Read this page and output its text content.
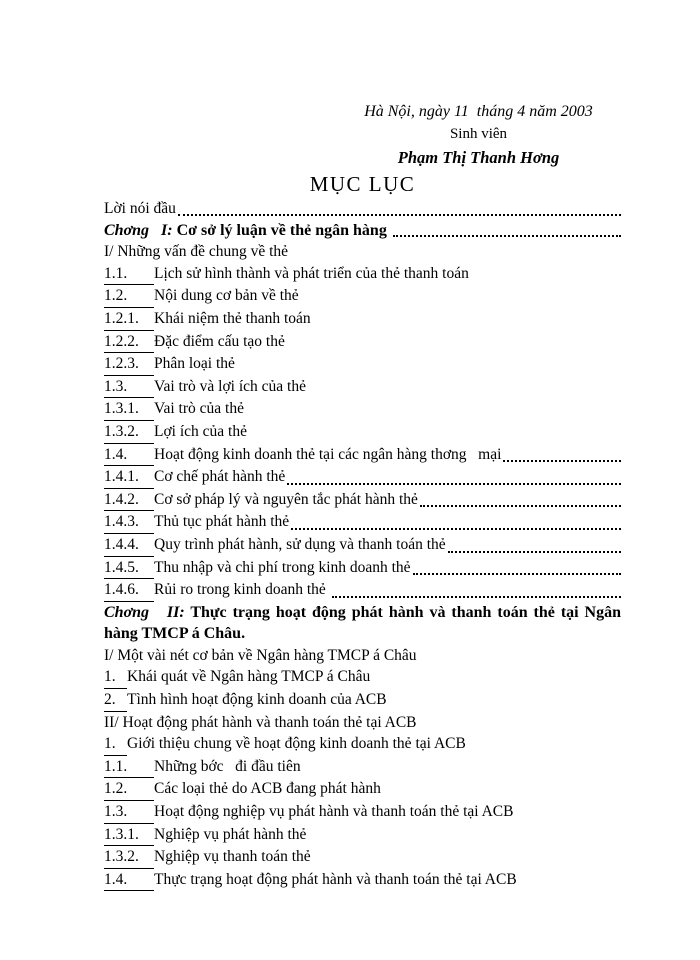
Hà Nội, ngày 11  tháng 4 năm 2003
Sinh viên
Phạm Thị Thanh Hơng
MỤC LỤC
Lời nói đầu
Chơng   I: Cơ sở lý luận về thẻ ngân hàng
I/ Những vấn đề chung về thẻ
1.1. Lịch sử hình thành và phát triển của thẻ thanh toán
1.2. Nội dung cơ bản về thẻ
1.2.1. Khái niệm thẻ thanh toán
1.2.2. Đặc điểm cấu tạo thẻ
1.2.3. Phân loại thẻ
1.3. Vai trò và lợi ích của thẻ
1.3.1. Vai trò của thẻ
1.3.2. Lợi ích của thẻ
1.4.	Hoạt động kinh doanh thẻ tại các ngân hàng thơng   mại
1.4.1. Cơ chế phát hành thẻ
1.4.2. Cơ sở pháp lý và nguyên tắc phát hành thẻ
1.4.3. Thủ tục phát hành thẻ
1.4.4. Quy trình phát hành, sử dụng và thanh toán thẻ
1.4.5. Thu nhập và chi phí trong kinh doanh thẻ
1.4.6. Rủi ro trong kinh doanh thẻ
Chơng   II: Thực trạng hoạt động phát hành và thanh toán thẻ tại Ngân hàng TMCP á Châu.
I/ Một vài nét cơ bản về Ngân hàng TMCP á Châu
1. Khái quát về Ngân hàng TMCP á Châu
2. Tình hình hoạt động kinh doanh của ACB
II/ Hoạt động phát hành và thanh toán thẻ tại ACB
1. Giới thiệu chung về hoạt động kinh doanh thẻ tại ACB
1.1. Những bớc   đi đầu tiên
1.2. Các loại thẻ do ACB đang phát hành
1.3. Hoạt động nghiệp vụ phát hành và thanh toán thẻ tại ACB
1.3.1. Nghiệp vụ phát hành thẻ
1.3.2. Nghiệp vụ thanh toán thẻ
1.4. Thực trạng hoạt động phát hành và thanh toán thẻ tại ACB
